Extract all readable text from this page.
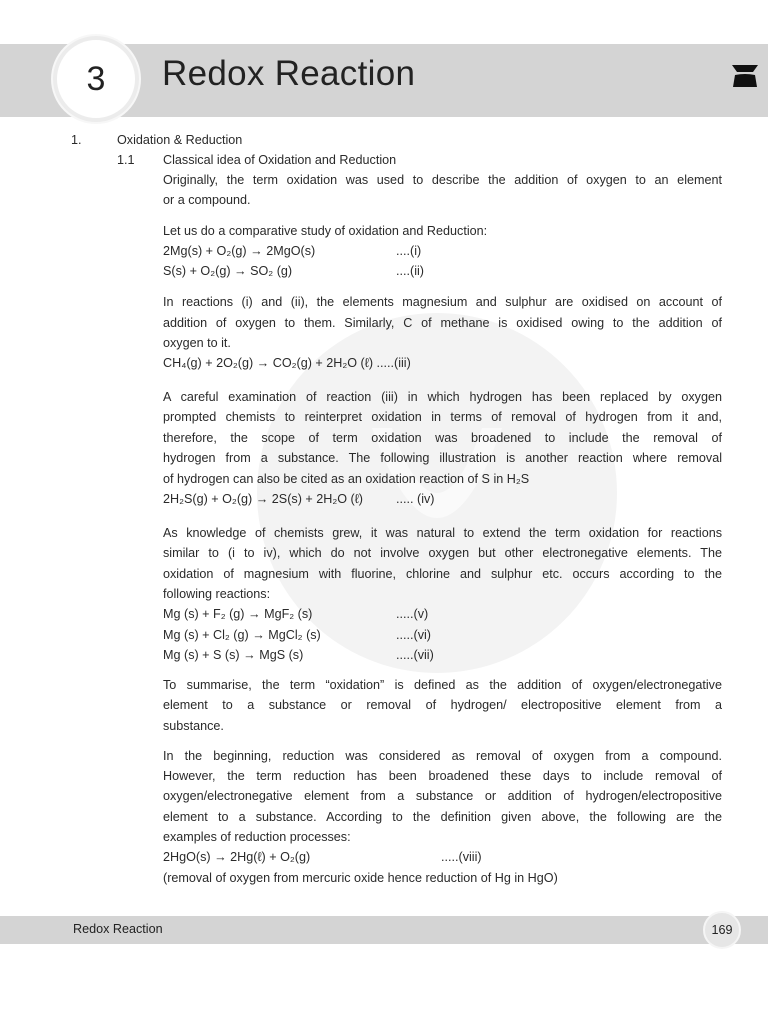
3	Redox Reaction
1.	Oxidation & Reduction
1.1 Classical idea of Oxidation and Reduction
Originally, the term oxidation was used to describe the addition of oxygen to an element
or a compound.
Let us do a comparative study of oxidation and Reduction:
2Mg(s) + O₂(g) → 2MgO(s)	....(i)
S(s) + O₂(g) → SO₂ (g)	....(ii)
In reactions (i) and (ii), the elements magnesium and sulphur are oxidised on account of
addition of oxygen to them. Similarly, C of methane is oxidised owing to the addition of
oxygen to it.
CH₄(g) + 2O₂(g) → CO₂(g) + 2H₂O (ℓ) .....(iii)
A careful examination of reaction (iii) in which hydrogen has been replaced by oxygen
prompted chemists to reinterpret oxidation in terms of removal of hydrogen from it and,
therefore, the scope of term oxidation was broadened to include the removal of
hydrogen from a substance. The following illustration is another reaction where removal
of hydrogen can also be cited as an oxidation reaction of S in H₂S
2H₂S(g) + O₂(g) → 2S(s) + 2H₂O (ℓ)	..... (iv)
As knowledge of chemists grew, it was natural to extend the term oxidation for reactions
similar to (i to iv), which do not involve oxygen but other electronegative elements. The
oxidation of magnesium with fluorine, chlorine and sulphur etc. occurs according to the
following reactions:
Mg (s) + F₂ (g) → MgF₂ (s)	.....(v)
Mg (s) + Cl₂ (g) → MgCl₂ (s)	.....(vi)
Mg (s) + S (s) → MgS (s)	.....(vii)
To summarise, the term “oxidation” is defined as the addition of oxygen/electronegative
element to a substance or removal of hydrogen/ electropositive element from a
substance.
In the beginning, reduction was considered as removal of oxygen from a compound.
However, the term reduction has been broadened these days to include removal of
oxygen/electronegative element from a substance or addition of hydrogen/electropositive
element to a substance. According to the definition given above, the following are the
examples of reduction processes:
2HgO(s) → 2Hg(ℓ) + O₂(g)	.....(viii)
(removal of oxygen from mercuric oxide hence reduction of Hg in HgO)
Redox Reaction	169
